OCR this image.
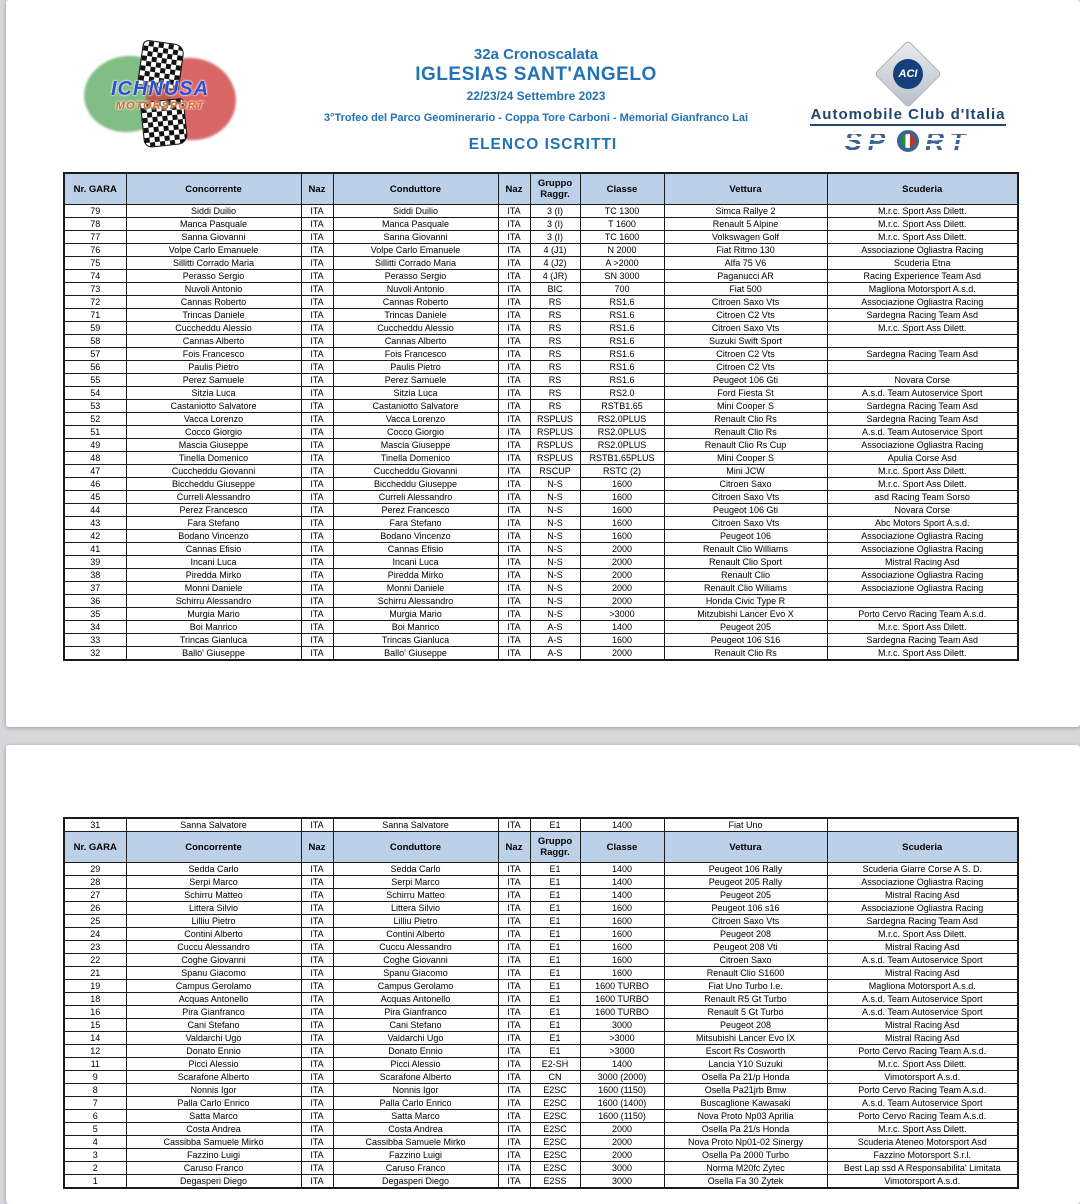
ICHNUSA
MOTORSPORT
32a Cronoscalata
IGLESIAS SANT'ANGELO
22/23/24 Settembre 2023
3°Trofeo del Parco Geominerario - Coppa Tore Carboni - Memorial Gianfranco Lai
ACI
Automobile Club d'Italia
SP RT
ELENCO ISCRITTI
Nr. GARA	Concorrente	Naz	Conduttore	Naz	Gruppo Raggr.	Classe	Vettura	Scuderia
79	Siddi Duilio	ITA	Siddi Duilio	ITA	3 (I)	TC 1300	Simca Rallye 2	M.r.c. Sport Ass Dilett.
78	Manca Pasquale	ITA	Manca Pasquale	ITA	3 (I)	T 1600	Renault 5 Alpine	M.r.c. Sport Ass Dilett.
77	Sanna Giovanni	ITA	Sanna Giovanni	ITA	3 (I)	TC 1600	Volkswagen Golf	M.r.c. Sport Ass Dilett.
76	Volpe Carlo Emanuele	ITA	Volpe Carlo Emanuele	ITA	4 (J1)	N 2000	Fiat Ritmo 130	Associazione Ogliastra Racing
75	Sillitti Corrado Maria	ITA	Sillitti Corrado Maria	ITA	4 (J2)	A >2000	Alfa 75 V6	Scuderia Etna
74	Perasso Sergio	ITA	Perasso Sergio	ITA	4 (JR)	SN 3000	Paganucci AR	Racing Experience Team Asd
73	Nuvoli Antonio	ITA	Nuvoli Antonio	ITA	BIC	700	Fiat 500	Magliona Motorsport A.s.d.
72	Cannas Roberto	ITA	Cannas Roberto	ITA	RS	RS1.6	Citroen Saxo Vts	Associazione Ogliastra Racing
71	Trincas Daniele	ITA	Trincas Daniele	ITA	RS	RS1.6	Citroen C2 Vts	Sardegna Racing Team Asd
59	Cuccheddu Alessio	ITA	Cuccheddu Alessio	ITA	RS	RS1.6	Citroen Saxo Vts	M.r.c. Sport Ass Dilett.
58	Cannas Alberto	ITA	Cannas Alberto	ITA	RS	RS1.6	Suzuki Swift Sport	
57	Fois Francesco	ITA	Fois Francesco	ITA	RS	RS1.6	Citroen C2 Vts	Sardegna Racing Team Asd
56	Paulis Pietro	ITA	Paulis Pietro	ITA	RS	RS1.6	Citroen C2 Vts	
55	Perez Samuele	ITA	Perez Samuele	ITA	RS	RS1.6	Peugeot 106 Gti	Novara Corse
54	Sitzia Luca	ITA	Sitzia Luca	ITA	RS	RS2.0	Ford Fiesta St	A.s.d. Team Autoservice Sport
53	Castaniotto Salvatore	ITA	Castaniotto Salvatore	ITA	RS	RSTB1.65	Mini Cooper S	Sardegna Racing Team Asd
52	Vacca Lorenzo	ITA	Vacca Lorenzo	ITA	RSPLUS	RS2.0PLUS	Renault Clio Rs	Sardegna Racing Team Asd
51	Cocco Giorgio	ITA	Cocco Giorgio	ITA	RSPLUS	RS2.0PLUS	Renault Clio Rs	A.s.d. Team Autoservice Sport
49	Mascia Giuseppe	ITA	Mascia Giuseppe	ITA	RSPLUS	RS2.0PLUS	Renault Clio Rs Cup	Associazione Ogliastra Racing
48	Tinella Domenico	ITA	Tinella Domenico	ITA	RSPLUS	RSTB1.65PLUS	Mini Cooper S	Apulia Corse Asd
47	Cuccheddu Giovanni	ITA	Cuccheddu Giovanni	ITA	RSCUP	RSTC (2)	Mini JCW	M.r.c. Sport Ass Dilett.
46	Biccheddu Giuseppe	ITA	Biccheddu Giuseppe	ITA	N-S	1600	Citroen Saxo	M.r.c. Sport Ass Dilett.
45	Curreli Alessandro	ITA	Curreli Alessandro	ITA	N-S	1600	Citroen Saxo Vts	asd Racing Team Sorso
44	Perez Francesco	ITA	Perez Francesco	ITA	N-S	1600	Peugeot 106 Gti	Novara Corse
43	Fara Stefano	ITA	Fara Stefano	ITA	N-S	1600	Citroen Saxo Vts	Abc Motors Sport A.s.d.
42	Bodano Vincenzo	ITA	Bodano Vincenzo	ITA	N-S	1600	Peugeot 106	Associazione Ogliastra Racing
41	Cannas Efisio	ITA	Cannas Efisio	ITA	N-S	2000	Renault Clio Williams	Associazione Ogliastra Racing
39	Incani Luca	ITA	Incani Luca	ITA	N-S	2000	Renault Clio Sport	Mistral Racing Asd
38	Piredda Mirko	ITA	Piredda Mirko	ITA	N-S	2000	Renault Clio	Associazione Ogliastra Racing
37	Monni Daniele	ITA	Monni Daniele	ITA	N-S	2000	Renault Clio Wiliams	Associazione Ogliastra Racing
36	Schirru Alessandro	ITA	Schirru Alessandro	ITA	N-S	2000	Honda Civic Type R	
35	Murgia Mario	ITA	Murgia Mario	ITA	N-S	>3000	Mitzubishi Lancer Evo X	Porto Cervo Racing Team A.s.d.
34	Boi Manrico	ITA	Boi Manrico	ITA	A-S	1400	Peugeot 205	M.r.c. Sport Ass Dilett.
33	Trincas Gianluca	ITA	Trincas Gianluca	ITA	A-S	1600	Peugeot 106 S16	Sardegna Racing Team Asd
32	Ballo' Giuseppe	ITA	Ballo' Giuseppe	ITA	A-S	2000	Renault Clio Rs	M.r.c. Sport Ass Dilett.
31	Sanna Salvatore	ITA	Sanna Salvatore	ITA	E1	1400	Fiat Uno	
Nr. GARA	Concorrente	Naz	Conduttore	Naz	Gruppo Raggr.	Classe	Vettura	Scuderia
29	Sedda Carlo	ITA	Sedda Carlo	ITA	E1	1400	Peugeot 106 Rally	Scuderia Giarre Corse A S. D.
28	Serpi Marco	ITA	Serpi Marco	ITA	E1	1400	Peugeot 205 Rally	Associazione Ogliastra Racing
27	Schirru Matteo	ITA	Schirru Matteo	ITA	E1	1400	Peugeot 205	Mistral Racing Asd
26	Littera Silvio	ITA	Littera Silvio	ITA	E1	1600	Peugeot 106 s16	Associazione Ogliastra Racing
25	Lilliu Pietro	ITA	Lilliu Pietro	ITA	E1	1600	Citroen Saxo Vts	Sardegna Racing Team Asd
24	Contini Alberto	ITA	Contini Alberto	ITA	E1	1600	Peugeot 208	M.r.c. Sport Ass Dilett.
23	Cuccu Alessandro	ITA	Cuccu Alessandro	ITA	E1	1600	Peugeot 208 Vti	Mistral Racing Asd
22	Coghe Giovanni	ITA	Coghe Giovanni	ITA	E1	1600	Citroen Saxo	A.s.d. Team Autoservice Sport
21	Spanu Giacomo	ITA	Spanu Giacomo	ITA	E1	1600	Renault Clio S1600	Mistral Racing Asd
19	Campus Gerolamo	ITA	Campus Gerolamo	ITA	E1	1600 TURBO	Fiat Uno Turbo I.e.	Magliona Motorsport A.s.d.
18	Acquas Antonello	ITA	Acquas Antonello	ITA	E1	1600 TURBO	Renault R5 Gt Turbo	A.s.d. Team Autoservice Sport
16	Pira Gianfranco	ITA	Pira Gianfranco	ITA	E1	1600 TURBO	Renault 5 Gt Turbo	A.s.d. Team Autoservice Sport
15	Cani Stefano	ITA	Cani Stefano	ITA	E1	3000	Peugeot 208	Mistral Racing Asd
14	Valdarchi Ugo	ITA	Valdarchi Ugo	ITA	E1	>3000	Mitsubishi Lancer Evo IX	Mistral Racing Asd
12	Donato Ennio	ITA	Donato Ennio	ITA	E1	>3000	Escort Rs Cosworth	Porto Cervo Racing Team A.s.d.
11	Picci Alessio	ITA	Picci Alessio	ITA	E2-SH	1400	Lancia Y10 Suzuki	M.r.c. Sport Ass Dilett.
9	Scarafone Alberto	ITA	Scarafone Alberto	ITA	CN	3000 (2000)	Osella Pa 21/p Honda	Vimotorsport A.s.d.
8	Nonnis Igor	ITA	Nonnis Igor	ITA	E2SC	1600 (1150)	Osella Pa21jrb Bmw	Porto Cervo Racing Team A.s.d.
7	Palla Carlo Enrico	ITA	Palla Carlo Enrico	ITA	E2SC	1600 (1400)	Buscaglione Kawasaki	A.s.d. Team Autoservice Sport
6	Satta Marco	ITA	Satta Marco	ITA	E2SC	1600 (1150)	Nova Proto Np03 Aprilia	Porto Cervo Racing Team A.s.d.
5	Costa Andrea	ITA	Costa Andrea	ITA	E2SC	2000	Osella Pa 21/s Honda	M.r.c. Sport Ass Dilett.
4	Cassibba Samuele Mirko	ITA	Cassibba Samuele Mirko	ITA	E2SC	2000	Nova Proto Np01-02 Sinergy	Scuderia Ateneo Motorsport Asd
3	Fazzino Luigi	ITA	Fazzino Luigi	ITA	E2SC	2000	Osella Pa 2000 Turbo	Fazzino Motorsport S.r.l.
2	Caruso Franco	ITA	Caruso Franco	ITA	E2SC	3000	Norma M20fc Zytec	Best Lap ssd A Responsabilita' Limitata
1	Degasperi Diego	ITA	Degasperi Diego	ITA	E2SS	3000	Osella Fa 30 Zytek	Vimotorsport A.s.d.
